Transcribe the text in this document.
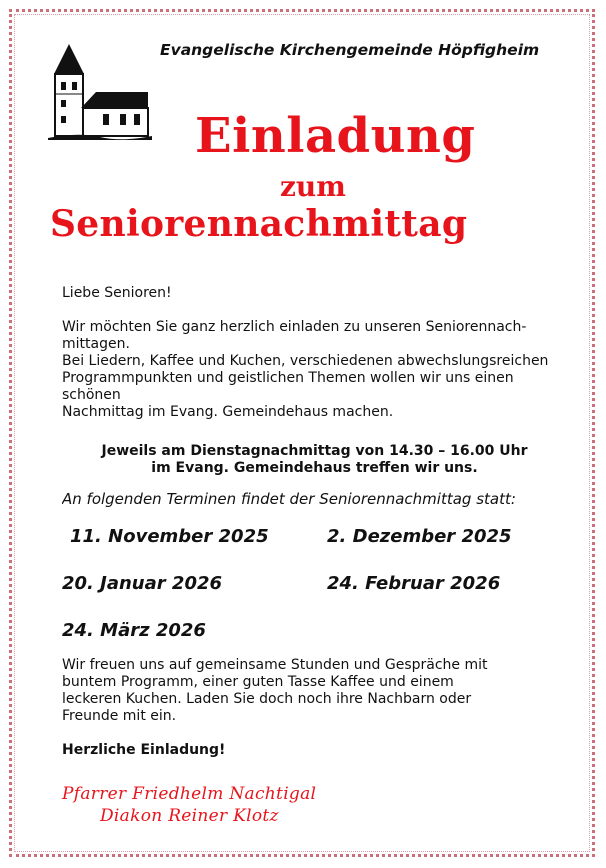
Evangelische Kirchengemeinde Höpfigheim
Einladung
zum
Seniorennachmittag

Liebe Senioren!

Wir möchten Sie ganz herzlich einladen zu unseren Seniorennach-

mittagen.

Bei Liedern, Kaffee und Kuchen, verschiedenen abwechslungsreichen

Programmpunkten und geistlichen Themen wollen wir uns einen

schönen

Nachmittag im Evang. Gemeindehaus machen.

Jeweils am Dienstagnachmittag von 14.30 – 16.00 Uhr
im Evang. Gemeindehaus treffen wir uns.
An folgenden Terminen findet der Seniorennachmittag statt:
11. November 2025	2. Dezember 2025
20. Januar 2026	24. Februar 2026
24. März 2026
Wir freuen uns auf gemeinsame Stunden und Gespräche mit
buntem Programm, einer guten Tasse Kaffee und einem
leckeren Kuchen. Laden Sie doch noch ihre Nachbarn oder
Freunde mit ein.
Herzliche Einladung!
Pfarrer Friedhelm Nachtigal
Diakon Reiner Klotz
